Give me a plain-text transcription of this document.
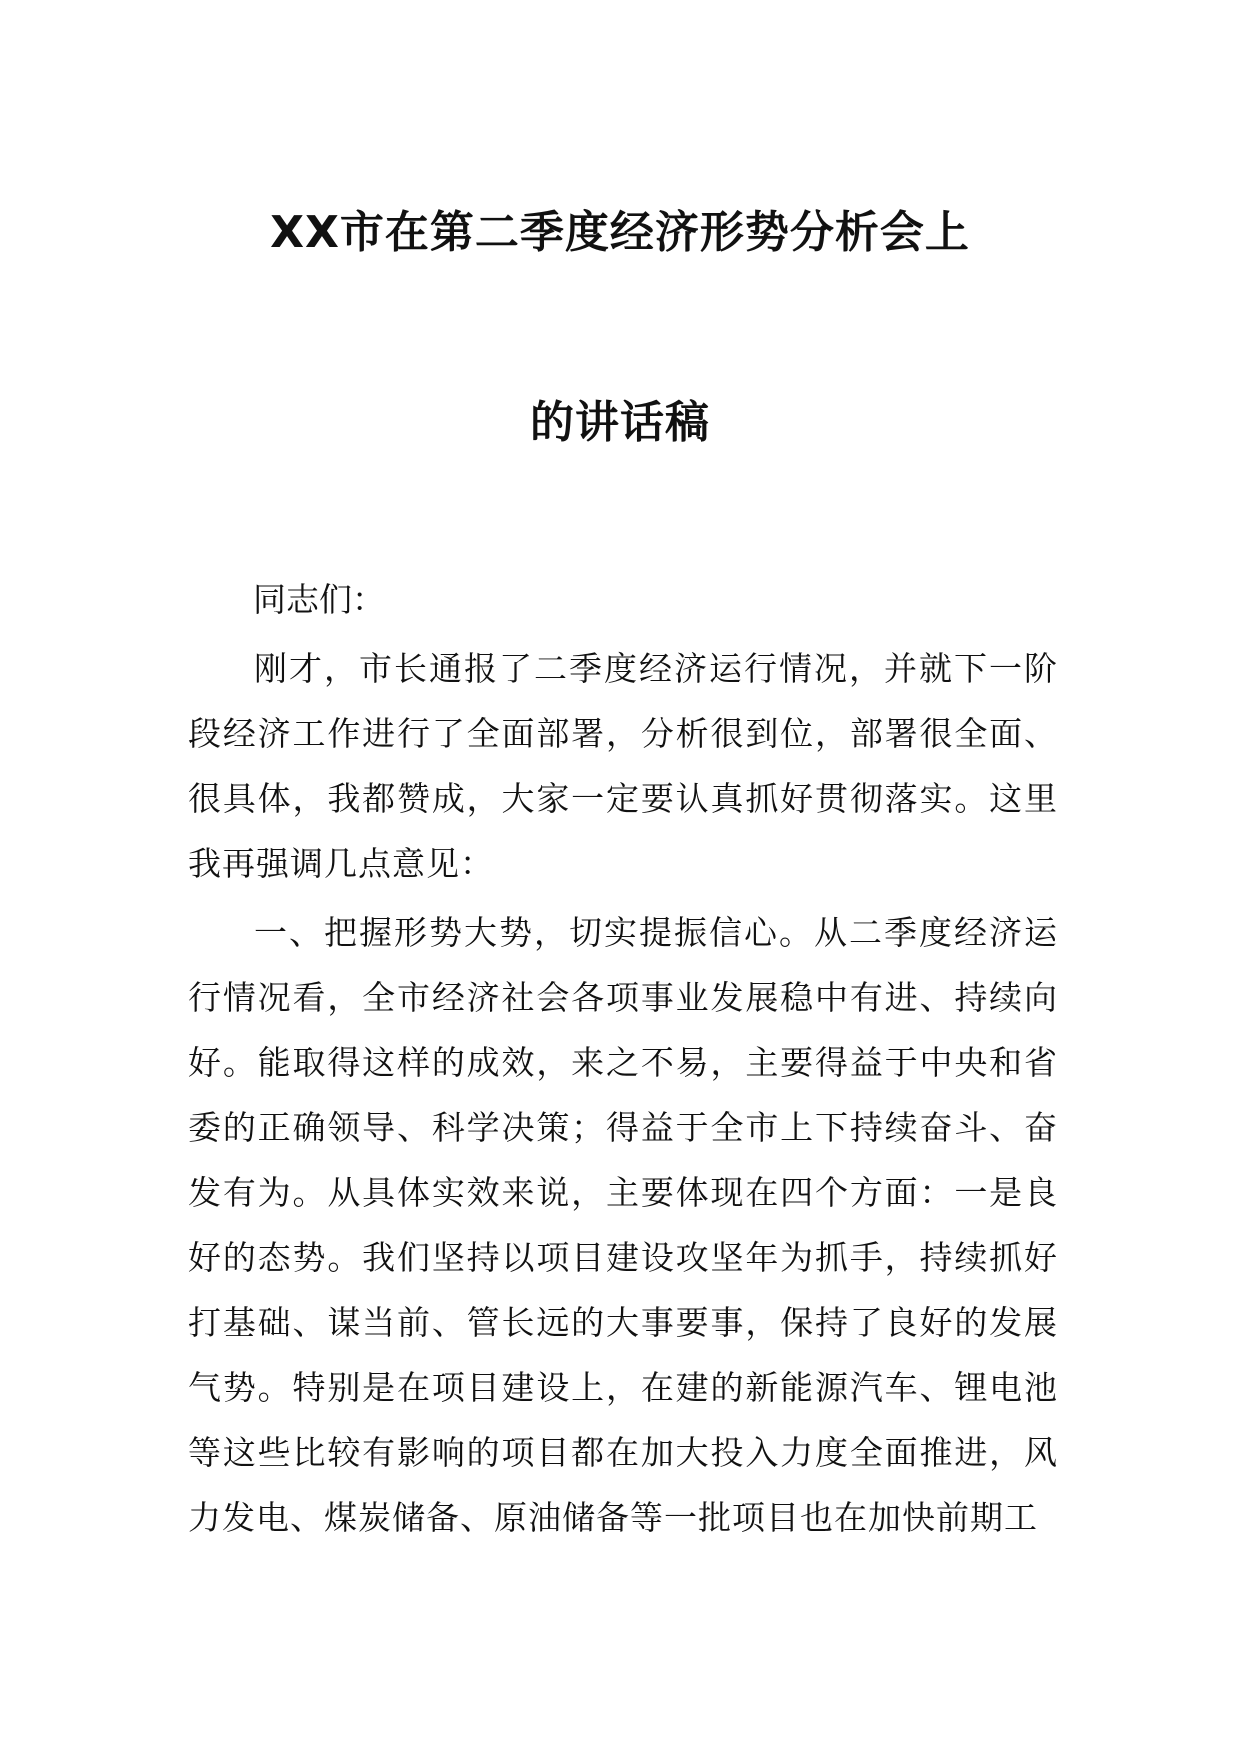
XX市在第二季度经济形势分析会上
的讲话稿

同志们：

刚才，市长通报了二季度经济运行情况，并就下一阶段经济工作进行了全面部署，分析很到位，部署很全面、很具体，我都赞成，大家一定要认真抓好贯彻落实。这里我再强调几点意见：

一、把握形势大势，切实提振信心。从二季度经济运行情况看，全市经济社会各项事业发展稳中有进、持续向好。能取得这样的成效，来之不易，主要得益于中央和省委的正确领导、科学决策；得益于全市上下持续奋斗、奋发有为。从具体实效来说，主要体现在四个方面：一是良好的态势。我们坚持以项目建设攻坚年为抓手，持续抓好打基础、谋当前、管长远的大事要事，保持了良好的发展气势。特别是在项目建设上，在建的新能源汽车、锂电池等这些比较有影响的项目都在加大投入力度全面推进，风力发电、煤炭储备、原油储备等一批项目也在加快前期工
